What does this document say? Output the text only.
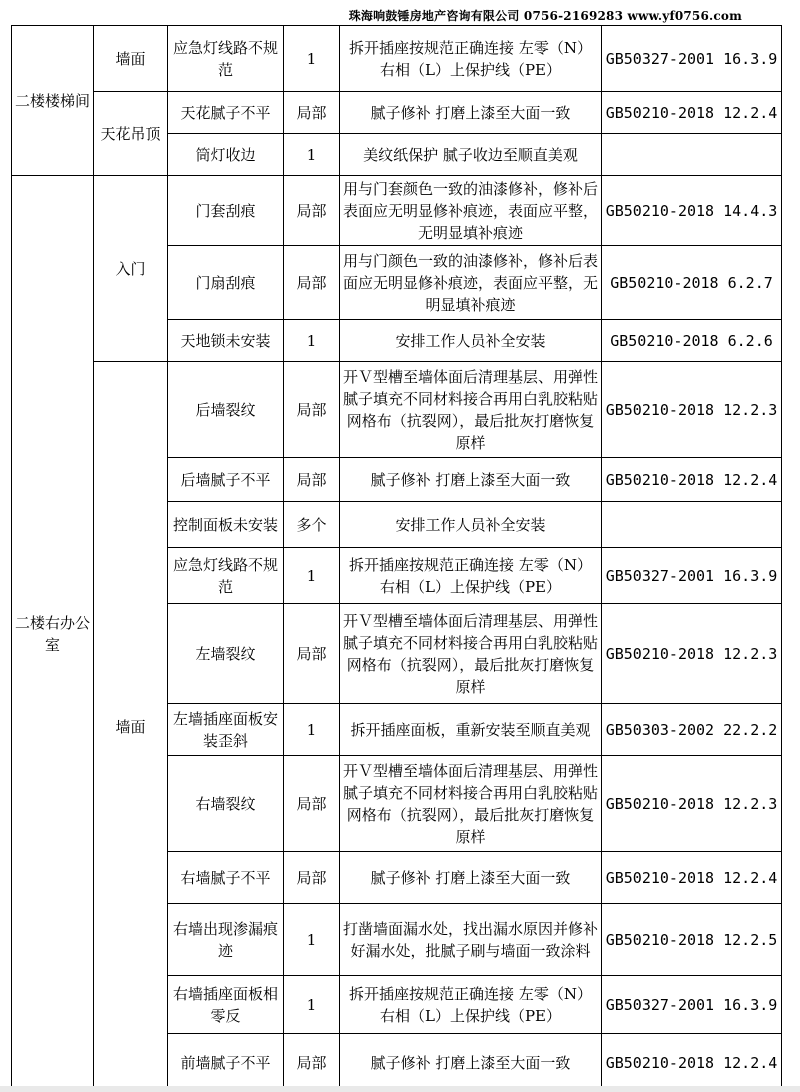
珠海响鼓锤房地产咨询有限公司 0756-2169283 www.yf0756.com
二楼楼梯间	墙面	应急灯线路不规范	1	拆开插座按规范正确连接 左零（N）右相（L）上保护线（PE）	GB50327-2001 16.3.9
	天花吊顶	天花腻子不平	局部	腻子修补 打磨上漆至大面一致	GB50210-2018 12.2.4
		筒灯收边	1	美纹纸保护 腻子收边至顺直美观	
二楼右办公室	入门	门套刮痕	局部	用与门套颜色一致的油漆修补，修补后表面应无明显修补痕迹，表面应平整，无明显填补痕迹	GB50210-2018 14.4.3
		门扇刮痕	局部	用与门颜色一致的油漆修补，修补后表面应无明显修补痕迹，表面应平整，无明显填补痕迹	GB50210-2018 6.2.7
		天地锁未安装	1	安排工作人员补全安装	GB50210-2018 6.2.6
	墙面	后墙裂纹	局部	开Ｖ型槽至墙体面后清理基层、用弹性腻子填充不同材料接合再用白乳胶粘贴网格布（抗裂网），最后批灰打磨恢复原样	GB50210-2018 12.2.3
		后墙腻子不平	局部	腻子修补 打磨上漆至大面一致	GB50210-2018 12.2.4
		控制面板未安装	多个	安排工作人员补全安装	
		应急灯线路不规范	1	拆开插座按规范正确连接 左零（N）右相（L）上保护线（PE）	GB50327-2001 16.3.9
		左墙裂纹	局部	开Ｖ型槽至墙体面后清理基层、用弹性腻子填充不同材料接合再用白乳胶粘贴网格布（抗裂网），最后批灰打磨恢复原样	GB50210-2018 12.2.3
		左墙插座面板安装歪斜	1	拆开插座面板，重新安装至顺直美观	GB50303-2002 22.2.2
		右墙裂纹	局部	开Ｖ型槽至墙体面后清理基层、用弹性腻子填充不同材料接合再用白乳胶粘贴网格布（抗裂网），最后批灰打磨恢复原样	GB50210-2018 12.2.3
		右墙腻子不平	局部	腻子修补 打磨上漆至大面一致	GB50210-2018 12.2.4
		右墙出现渗漏痕迹	1	打凿墙面漏水处，找出漏水原因并修补好漏水处，批腻子刷与墙面一致涂料	GB50210-2018 12.2.5
		右墙插座面板相零反	1	拆开插座按规范正确连接 左零（N）右相（L）上保护线（PE）	GB50327-2001 16.3.9
		前墙腻子不平	局部	腻子修补 打磨上漆至大面一致	GB50210-2018 12.2.4
